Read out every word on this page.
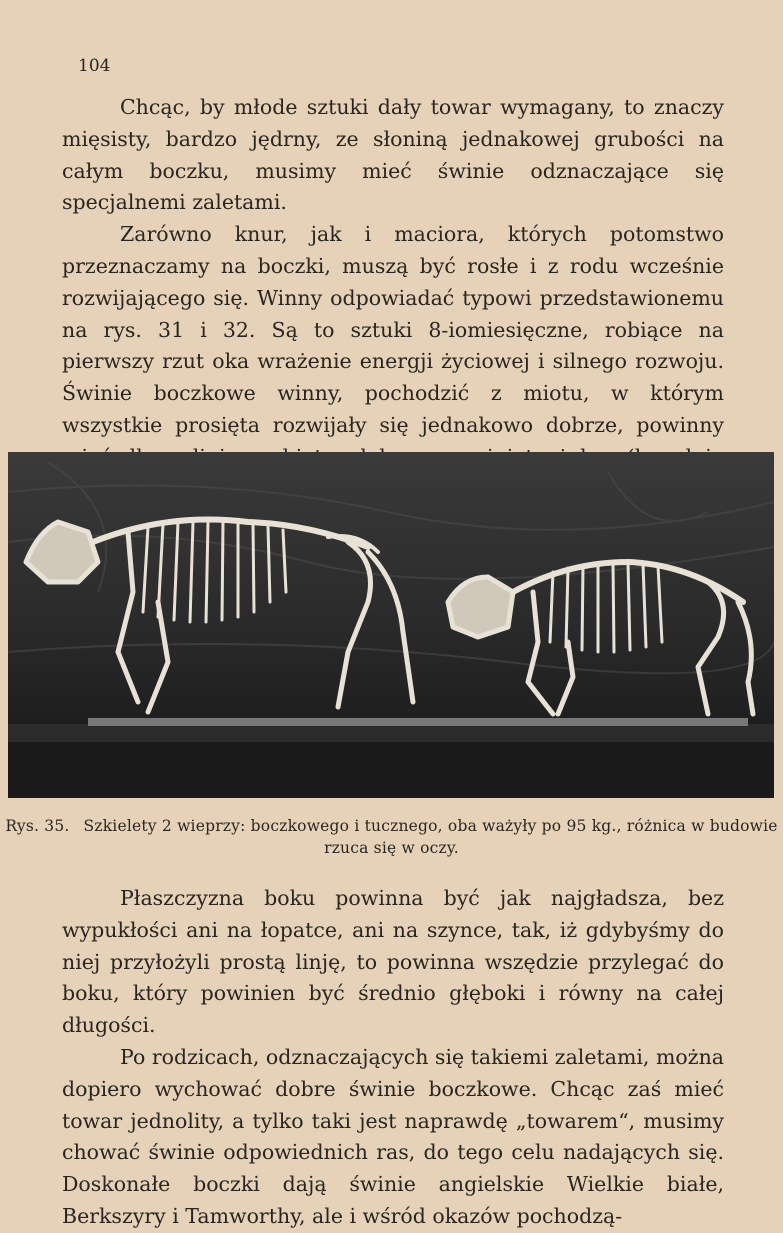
104

Chcąc, by młode sztuki dały towar wymagany, to znaczy mięsisty, bardzo jędrny, ze słoniną jednakowej grubości na całym boczku, musimy mieć świnie odznaczające się specjalnemi zaletami.

Zarówno knur, jak i maciora, których potomstwo przeznaczamy na boczki, muszą być rosłe i z rodu wcześnie rozwijającego się. Winny odpowiadać typowi przedstawionemu na rys. 31 i 32. Są to sztuki 8-iomiesięczne, robiące na pierwszy rzut oka wrażenie energji życiowej i silnego rozwoju. Świnie boczkowe winny, pochodzić z miotu, w którym wszystkie prosięta rozwijały się jednakowo dobrze, powinny

Rys. 35. Szkielety 2 wieprzy: boczkowego i tucznego, oba ważyły po 95 kg., różnica w budowie rzuca się w oczy.

Płaszczyzna boku powinna być jak najgładsza, bez wypukłości ani na łopatce, ani na szynce, tak, iż gdybyśmy do niej przyłożyli prostą linję, to powinna wszędzie przylegać do boku, który powinien być średnio głęboki i równy na całej długości.

Po rodzicach, odznaczających się takiemi zaletami, można dopiero wychować dobre świnie boczkowe. Chcąc zaś mieć towar jednolity, a tylko taki jest naprawdę „towarem“, musimy chować świnie odpowiednich ras, do tego celu nadających się. Doskonałe boczki dają świnie angielskie Wielkie białe, Berkszyry i Tamworthy, ale i wśród okazów pochodzą-
